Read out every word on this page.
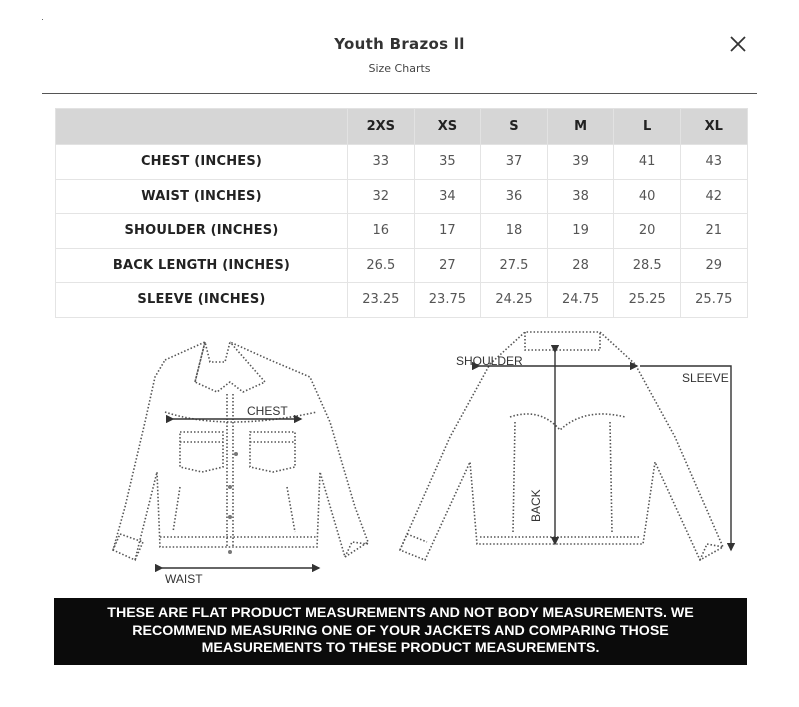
Youth Brazos ll
Size Charts
	2XS	XS	S	M	L	XL
CHEST (INCHES)	33	35	37	39	41	43
WAIST (INCHES)	32	34	36	38	40	42
SHOULDER (INCHES)	16	17	18	19	20	21
BACK LENGTH (INCHES)	26.5	27	27.5	28	28.5	29
SLEEVE (INCHES)	23.25	23.75	24.25	24.75	25.25	25.75
CHEST
WAIST
SHOULDER
SLEEVE
BACK
THESE ARE FLAT PRODUCT MEASUREMENTS AND NOT BODY MEASUREMENTS. WE RECOMMEND MEASURING ONE OF YOUR JACKETS AND COMPARING THOSE MEASUREMENTS TO THESE PRODUCT MEASUREMENTS.
